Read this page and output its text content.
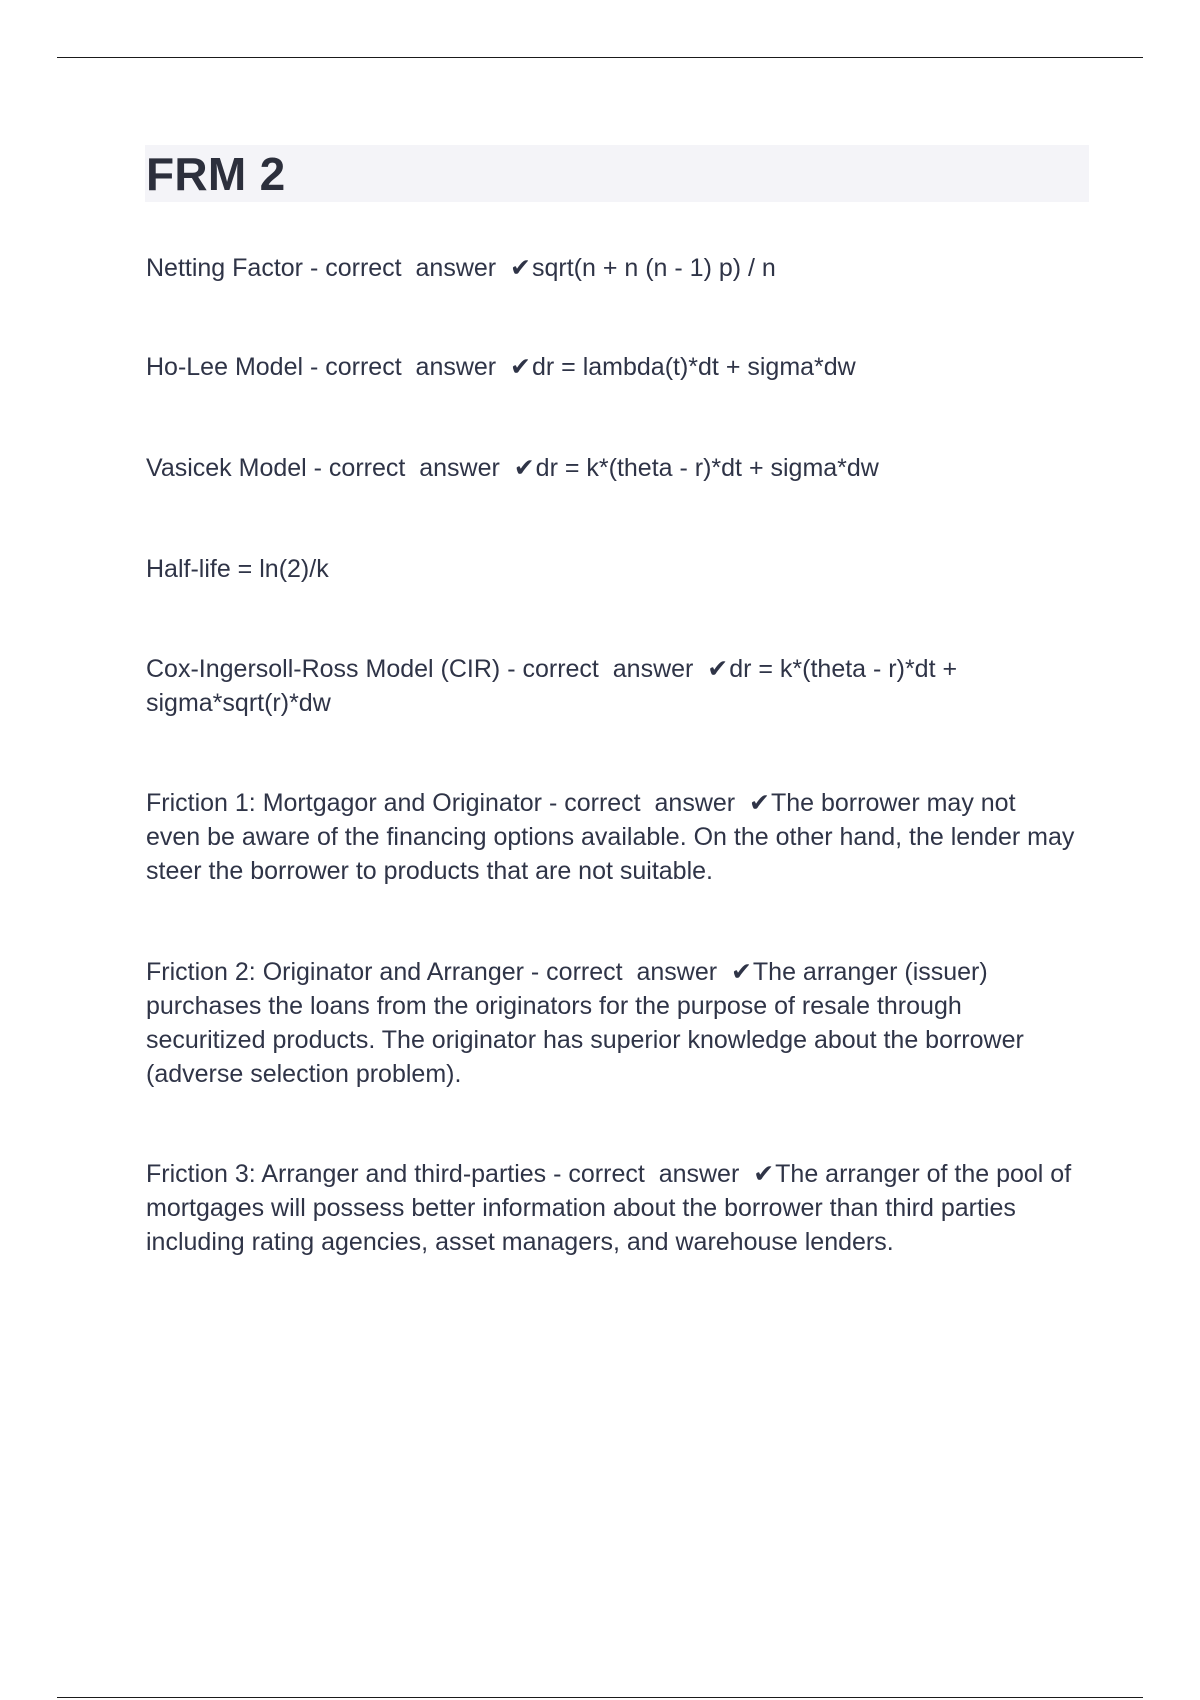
FRM 2

Netting Factor - correct  answer  ✔sqrt(n + n (n - 1) p) / n

Ho-Lee Model - correct  answer  ✔dr = lambda(t)*dt + sigma*dw

Vasicek Model - correct  answer  ✔dr = k*(theta - r)*dt + sigma*dw

Half-life = ln(2)/k

Cox-Ingersoll-Ross Model (CIR) - correct  answer  ✔dr = k*(theta - r)*dt + sigma*sqrt(r)*dw

Friction 1: Mortgagor and Originator - correct  answer  ✔The borrower may not even be aware of the financing options available. On the other hand, the lender may steer the borrower to products that are not suitable.

Friction 2: Originator and Arranger - correct  answer  ✔The arranger (issuer) purchases the loans from the originators for the purpose of resale through securitized products. The originator has superior knowledge about the borrower (adverse selection problem).

Friction 3: Arranger and third-parties - correct  answer  ✔The arranger of the pool of mortgages will possess better information about the borrower than third parties including rating agencies, asset managers, and warehouse lenders.
